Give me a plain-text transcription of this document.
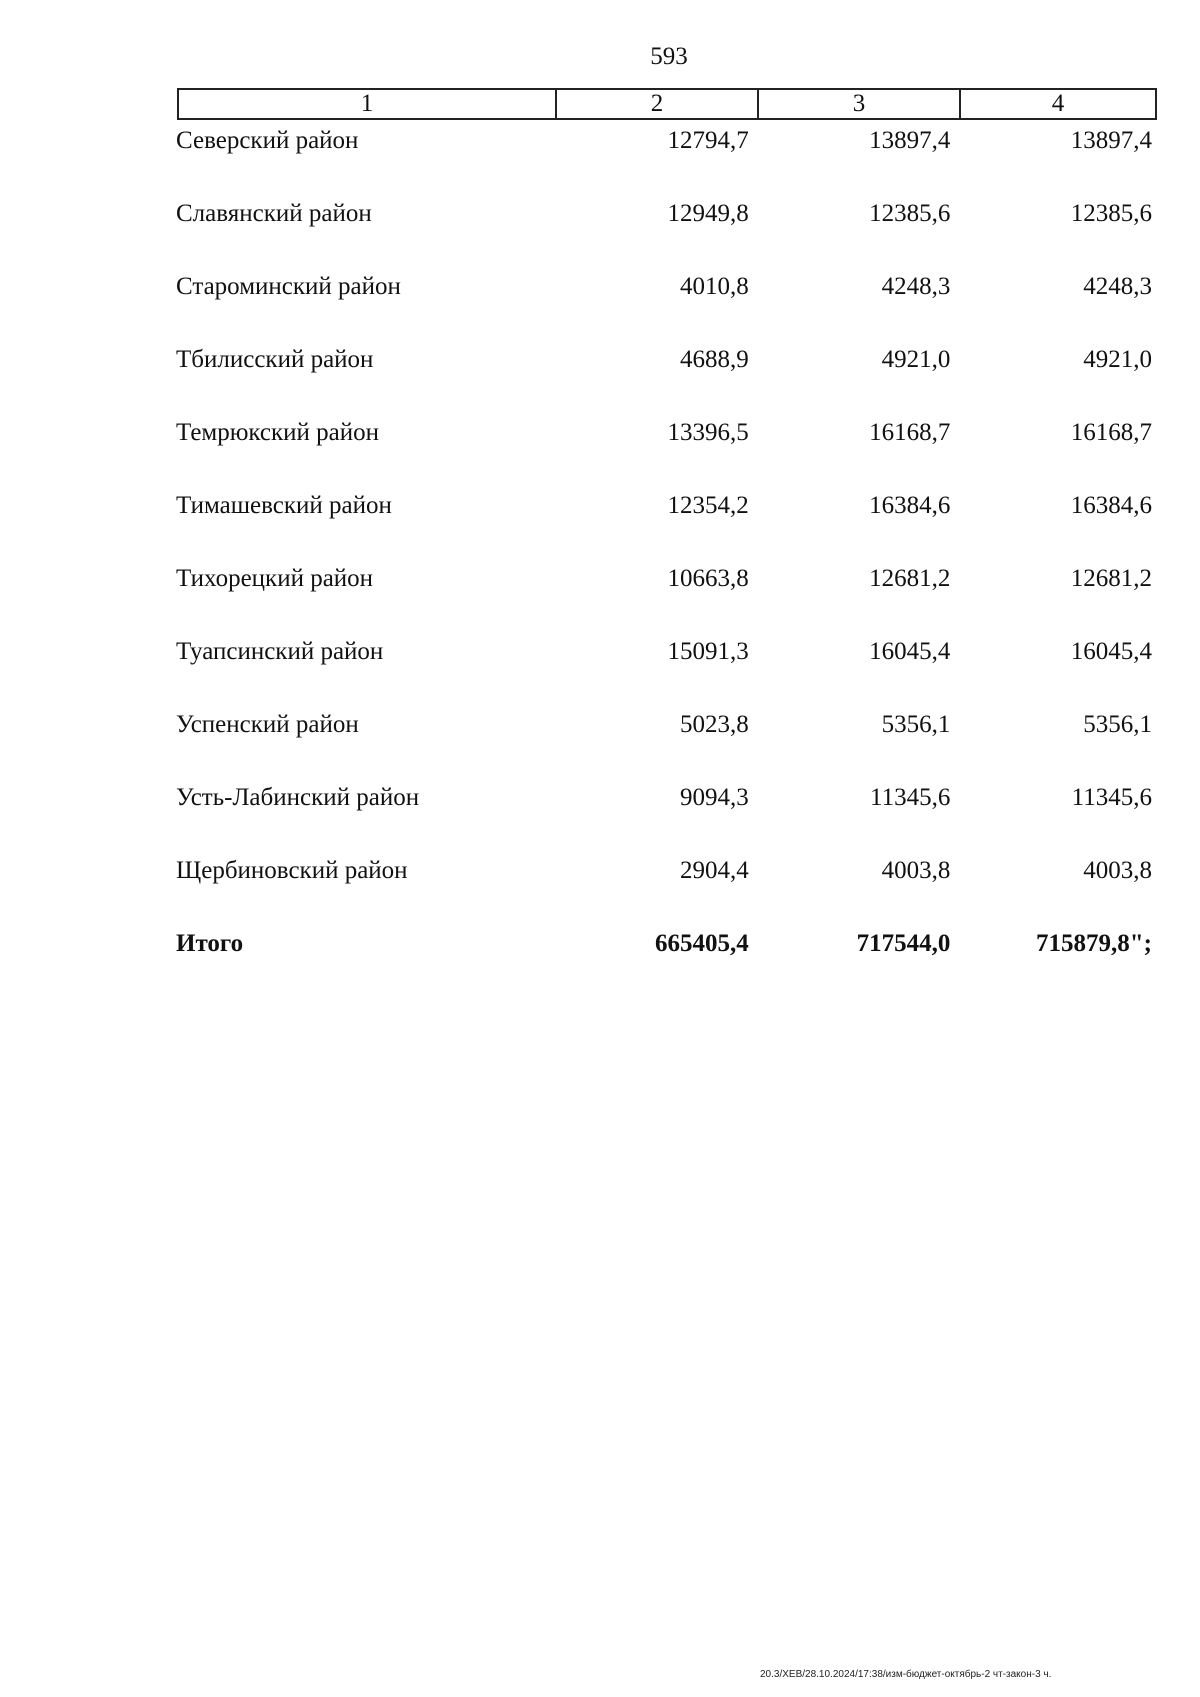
593
1	2	3	4
Северский район	12794,7	13897,4	13897,4
Славянский район	12949,8	12385,6	12385,6
Староминский район	4010,8	4248,3	4248,3
Тбилисский район	4688,9	4921,0	4921,0
Темрюкский район	13396,5	16168,7	16168,7
Тимашевский район	12354,2	16384,6	16384,6
Тихорецкий район	10663,8	12681,2	12681,2
Туапсинский район	15091,3	16045,4	16045,4
Успенский район	5023,8	5356,1	5356,1
Усть-Лабинский район	9094,3	11345,6	11345,6
Щербиновский район	2904,4	4003,8	4003,8
Итого	665405,4	717544,0	715879,8";
20.3/ХЕВ/28.10.2024/17:38/изм-бюджет-октябрь-2 чт-закон-3 ч.
